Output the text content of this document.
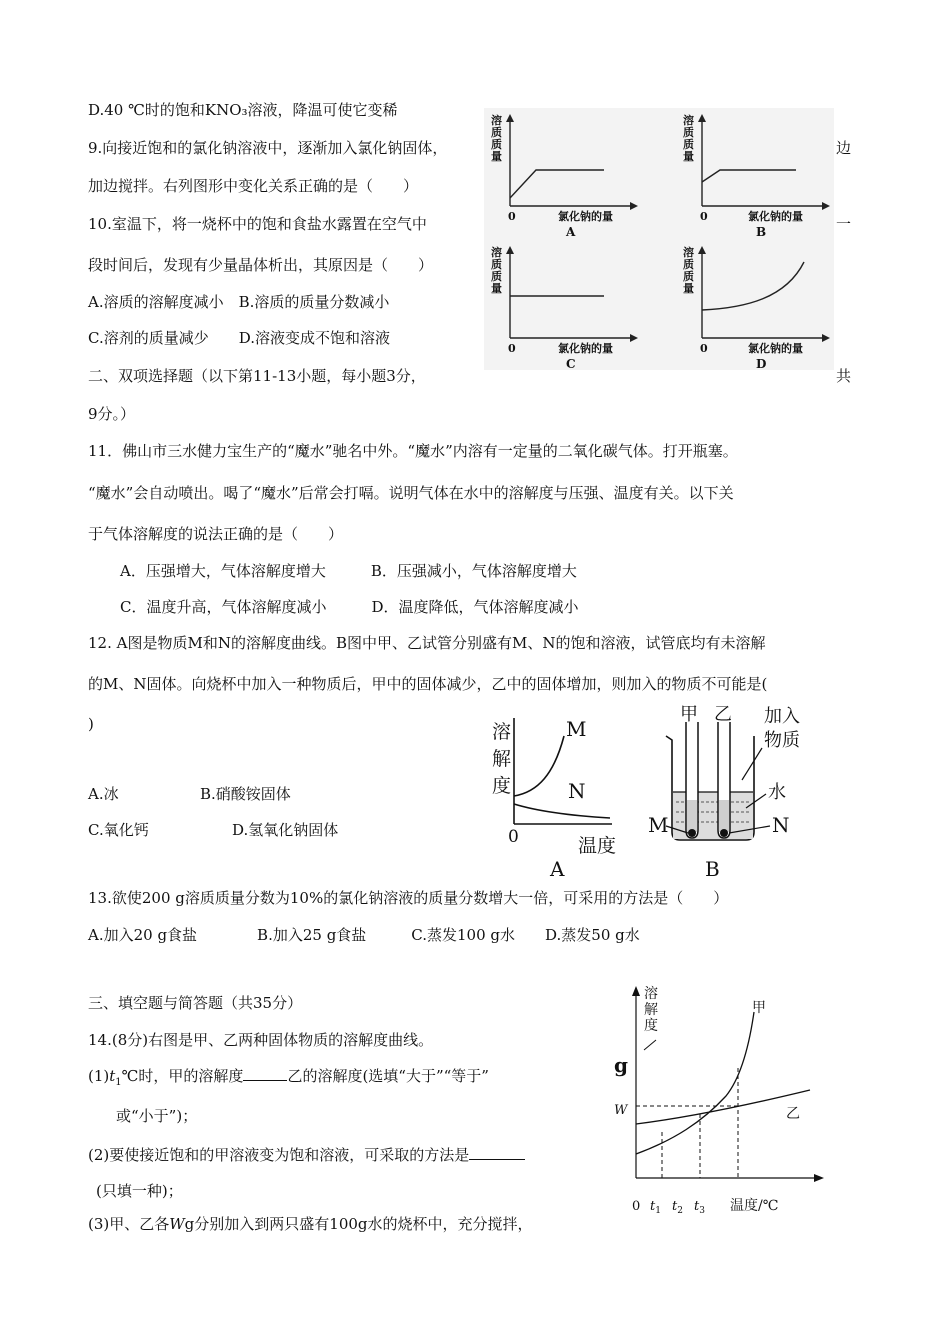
D.40 ℃时的饱和KNO₃溶液，降温可使它变稀
9.向接近饱和的氯化钠溶液中，逐渐加入氯化钠固体，	边
加边搅拌。右列图形中变化关系正确的是（　　）
10.室温下，将一烧杯中的饱和食盐水露置在空气中	一
段时间后，发现有少量晶体析出，其原因是（　　）
A.溶质的溶解度减小　B.溶质的质量分数减小
C.溶剂的质量减少　　D.溶液变成不饱和溶液
二、双项选择题（以下第11-13小题，每小题3分，	共
9分。）
11．佛山市三水健力宝生产的“魔水”驰名中外。“魔水”内溶有一定量的二氧化碳气体。打开瓶塞。
“魔水”会自动喷出。喝了“魔水”后常会打嗝。说明气体在水中的溶解度与压强、温度有关。以下关
于气体溶解度的说法正确的是（　　）
A．压强增大，气体溶解度增大　　　B．压强减小，气体溶解度增大
C．温度升高，气体溶解度减小　　　D．温度降低，气体溶解度减小
12. A图是物质M和N的溶解度曲线。B图中甲、乙试管分别盛有M、N的饱和溶液，试管底均有未溶解
的M、N固体。向烧杯中加入一种物质后，甲中的固体减少，乙中的固体增加，则加入的物质不可能是(
)
A.冰	B.硝酸铵固体
C.氧化钙	D.氢氧化钠固体
13.欲使200 g溶质质量分数为10%的氯化钠溶液的质量分数增大一倍，可采用的方法是（　　）
A.加入20 g食盐　　　　B.加入25 g食盐　　　C.蒸发100 g水　　D.蒸发50 g水
三、填空题与简答题（共35分）
14.(8分)右图是甲、乙两种固体物质的溶解度曲线。
$(1)t_1℃$时，甲的溶解度	乙的溶解度(选填“大于”“等于”
或“小于”)；
(2)要使接近饱和的甲溶液变为饱和溶液，可采取的方法是
(只填一种)；
(3)甲、乙各Wg分别加入到两只盛有100g水的烧杯中，充分搅拌，
溶质质量
0	氯化钠的量
A
溶质质量
0	氯化钠的量
B
溶质质量
0	氯化钠的量
C
溶质质量
0	氯化钠的量
D
溶解度
M
N
0	温度
A
甲 乙 加入物质
水
M	N
B
溶解度
g
W
甲
乙
0 $t_1$ $t_2$ $t_3$ 温度/℃
